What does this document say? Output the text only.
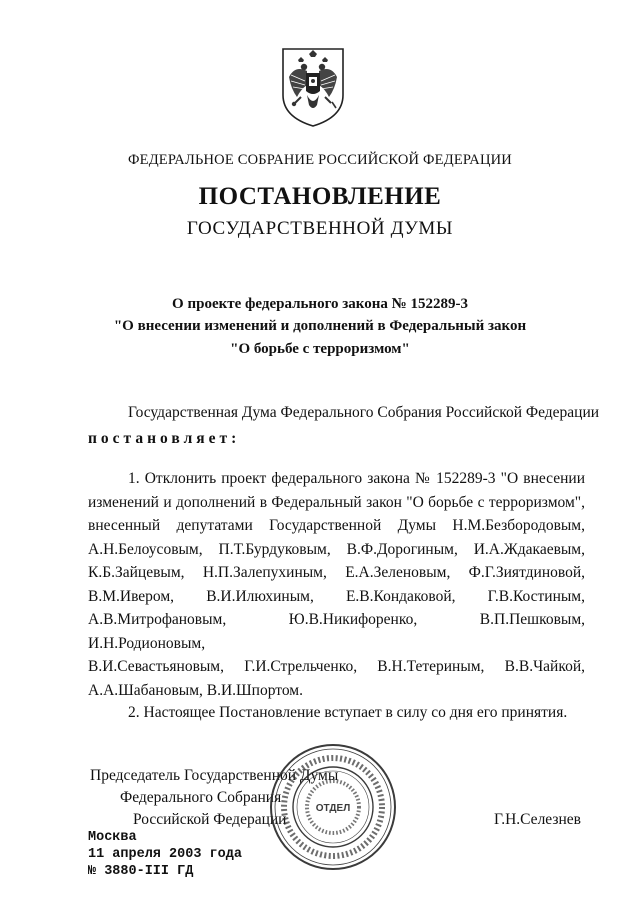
ФЕДЕРАЛЬНОЕ СОБРАНИЕ РОССИЙСКОЙ ФЕДЕРАЦИИ
ПОСТАНОВЛЕНИЕ
ГОСУДАРСТВЕННОЙ ДУМЫ
О проекте федерального закона № 152289-3
"О внесении изменений и дополнений в Федеральный закон
"О борьбе с терроризмом"
Государственная Дума Федерального Собрания Российской Федерации
постановляет:
1. Отклонить проект федерального закона № 152289-3 "О внесении
изменений и дополнений в Федеральный закон "О борьбе с терроризмом",
внесенный депутатами Государственной Думы Н.М.Безбородовым,
А.Н.Белоусовым, П.Т.Бурдуковым, В.Ф.Дорогиным, И.А.Ждакаевым,
К.Б.Зайцевым, Н.П.Залепухиным, Е.А.Зеленовым, Ф.Г.Зиятдиновой,
В.М.Ивером, В.И.Илюхиным, Е.В.Кондаковой, Г.В.Костиным,
А.В.Митрофановым, Ю.В.Никифоренко, В.П.Пешковым, И.Н.Родионовым,
В.И.Севастьяновым, Г.И.Стрельченко, В.Н.Тетериным, В.В.Чайкой,
А.А.Шабановым, В.И.Шпортом.
2. Настоящее Постановление вступает в силу со дня его принятия.
Председатель Государственной Думы
Федерального Собрания
Российской Федерации	Г.Н.Селезнев
ОТДЕЛ
Москва
11 апреля 2003 года
№ 3880-III ГД
